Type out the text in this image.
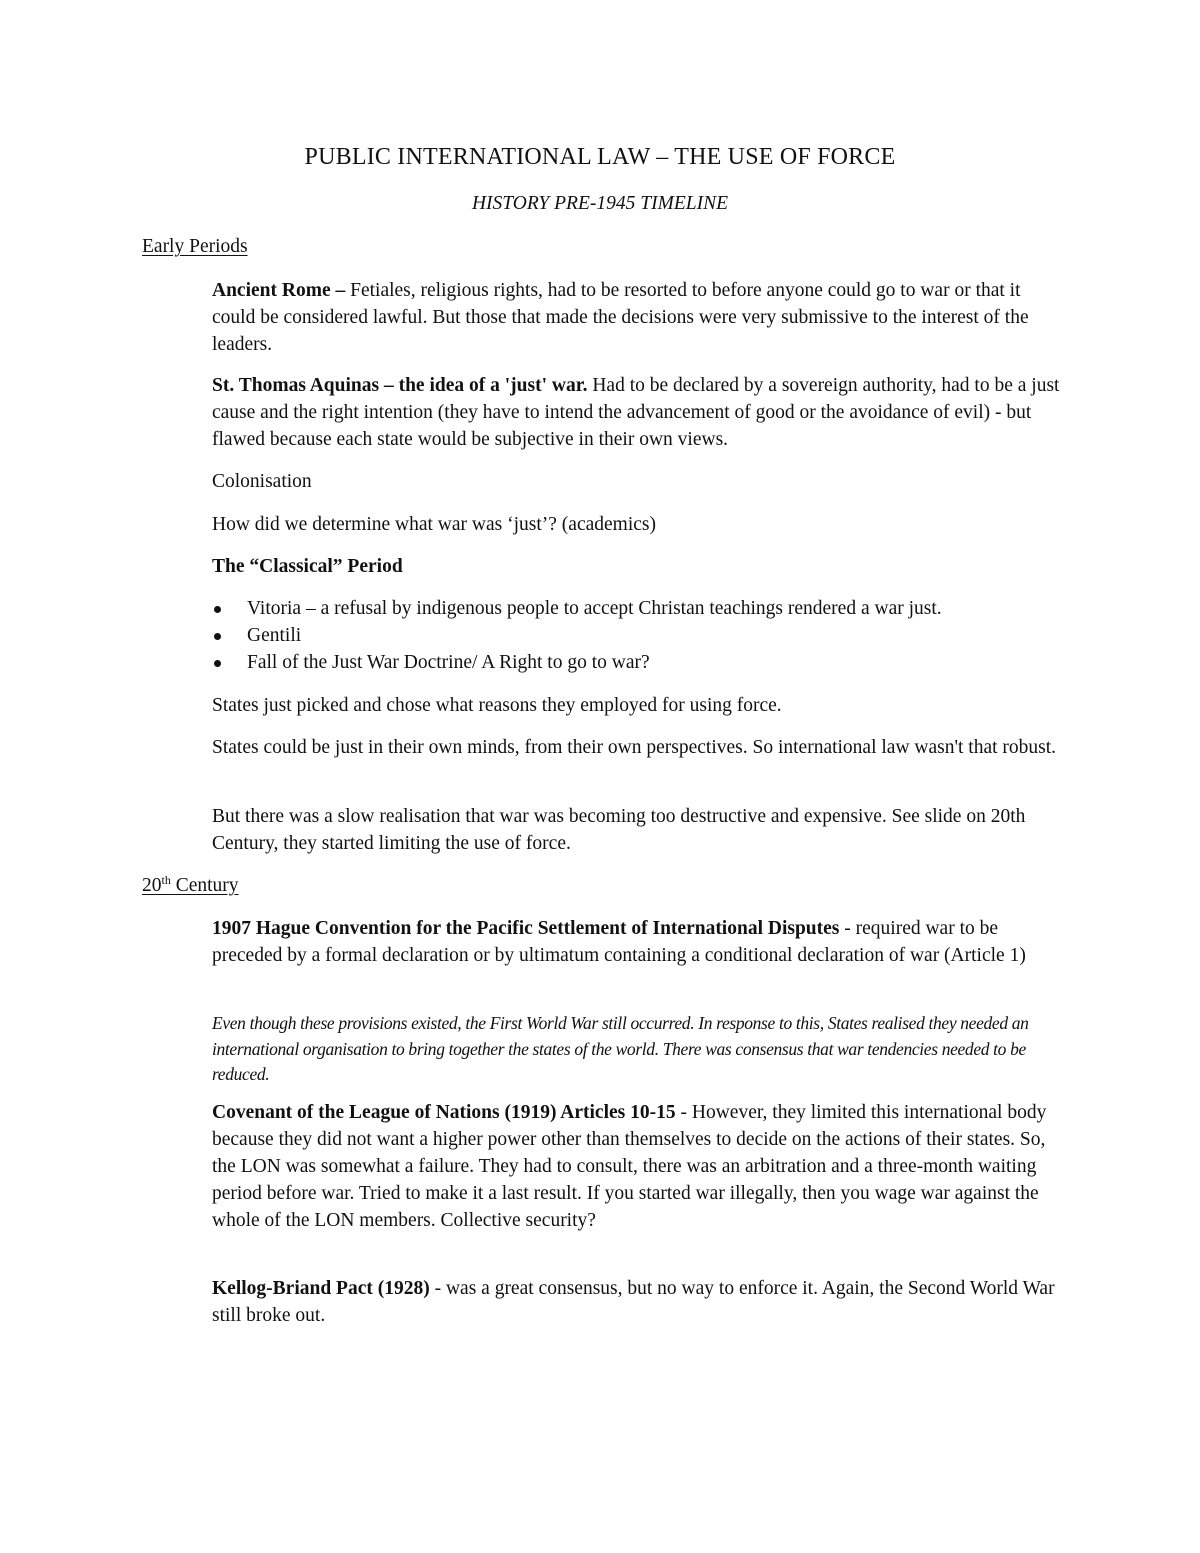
PUBLIC INTERNATIONAL LAW – THE USE OF FORCE
HISTORY PRE-1945 TIMELINE
Early Periods

Ancient Rome – Fetiales, religious rights, had to be resorted to before anyone could go to war or that it could be considered lawful. But those that made the decisions were very submissive to the interest of the leaders.

St. Thomas Aquinas – the idea of a 'just' war. Had to be declared by a sovereign authority, had to be a just cause and the right intention (they have to intend the advancement of good or the avoidance of evil) - but flawed because each state would be subjective in their own views.

Colonisation

How did we determine what war was ‘just’? (academics)

The “Classical” Period

Vitoria – a refusal by indigenous people to accept Christan teachings rendered a war just.
Gentili
Fall of the Just War Doctrine/ A Right to go to war?

States just picked and chose what reasons they employed for using force.

States could be just in their own minds, from their own perspectives. So international law wasn't that robust.

But there was a slow realisation that war was becoming too destructive and expensive. See slide on 20th Century, they started limiting the use of force.

20th Century

1907 Hague Convention for the Pacific Settlement of International Disputes - required war to be preceded by a formal declaration or by ultimatum containing a conditional declaration of war (Article 1)

Even though these provisions existed, the First World War still occurred. In response to this, States realised they needed an international organisation to bring together the states of the world. There was consensus that war tendencies needed to be reduced.

Covenant of the League of Nations (1919) Articles 10-15 - However, they limited this international body because they did not want a higher power other than themselves to decide on the actions of their states. So, the LON was somewhat a failure. They had to consult, there was an arbitration and a three-month waiting period before war. Tried to make it a last result. If you started war illegally, then you wage war against the whole of the LON members. Collective security?

Kellog-Briand Pact (1928) - was a great consensus, but no way to enforce it. Again, the Second World War still broke out.
